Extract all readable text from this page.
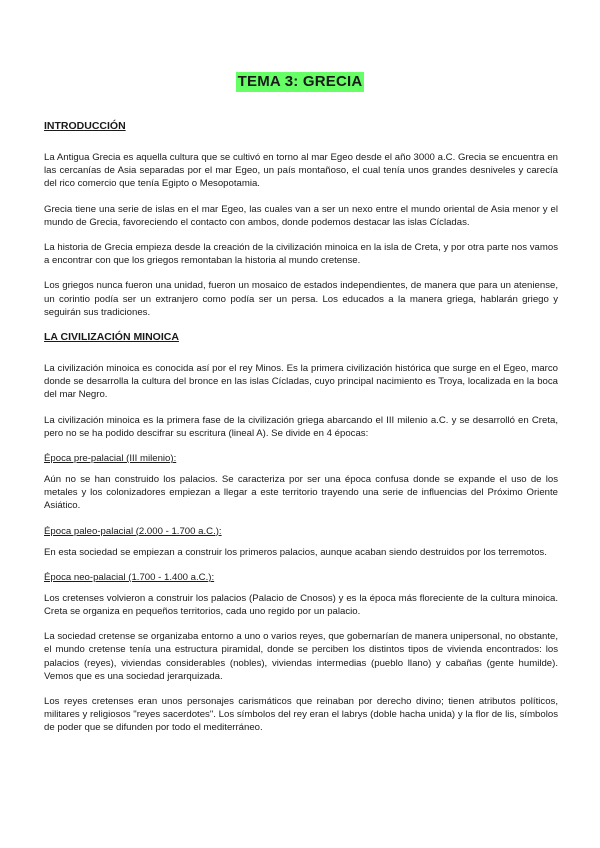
TEMA 3: GRECIA
INTRODUCCIÓN

La Antigua Grecia es aquella cultura que se cultivó en torno al mar Egeo desde el año 3000 a.C. Grecia se encuentra en las cercanías de Asia separadas por el mar Egeo, un país montañoso, el cual tenía unos grandes desniveles y carecía del rico comercio que tenía Egipto o Mesopotamia.

Grecia tiene una serie de islas en el mar Egeo, las cuales van a ser un nexo entre el mundo oriental de Asia menor y el mundo de Grecia, favoreciendo el contacto con ambos, donde podemos destacar las islas Cícladas.

La historia de Grecia empieza desde la creación de la civilización minoica en la isla de Creta, y por otra parte nos vamos a encontrar con que los griegos remontaban la historia al mundo cretense.

Los griegos nunca fueron una unidad, fueron un mosaico de estados independientes, de manera que para un ateniense, un corintio podía ser un extranjero como podía ser un persa. Los educados a la manera griega, hablarán griego y seguirán sus tradiciones.

LA CIVILIZACIÓN MINOICA

La civilización minoica es conocida así por el rey Minos. Es la primera civilización histórica que surge en el Egeo, marco donde se desarrolla la cultura del bronce en las islas Cícladas, cuyo principal nacimiento es Troya, localizada en la boca del mar Negro.

La civilización minoica es la primera fase de la civilización griega abarcando el III milenio a.C. y se desarrolló en Creta, pero no se ha podido descifrar su escritura (lineal A). Se divide en 4 épocas:

Época pre-palacial (III milenio):

Aún no se han construido los palacios. Se caracteriza por ser una época confusa donde se expande el uso de los metales y los colonizadores empiezan a llegar a este territorio trayendo una serie de influencias del Próximo Oriente Asiático.

Época paleo-palacial (2.000 - 1.700 a.C.):

En esta sociedad se empiezan a construir los primeros palacios, aunque acaban siendo destruidos por los terremotos.

Época neo-palacial (1.700 - 1.400 a.C.):

Los cretenses volvieron a construir los palacios (Palacio de Cnosos) y es la época más floreciente de la cultura minoica. Creta se organiza en pequeños territorios, cada uno regido por un palacio.

La sociedad cretense se organizaba entorno a uno o varios reyes, que gobernarían de manera unipersonal, no obstante, el mundo cretense tenía una estructura piramidal, donde se perciben los distintos tipos de vivienda encontrados: los palacios (reyes), viviendas considerables (nobles), viviendas intermedias (pueblo llano) y cabañas (gente humilde). Vemos que es una sociedad jerarquizada.

Los reyes cretenses eran unos personajes carismáticos que reinaban por derecho divino; tienen atributos políticos, militares y religiosos "reyes sacerdotes". Los símbolos del rey eran el labrys (doble hacha unida) y la flor de lis, símbolos de poder que se difunden por todo el mediterráneo.
